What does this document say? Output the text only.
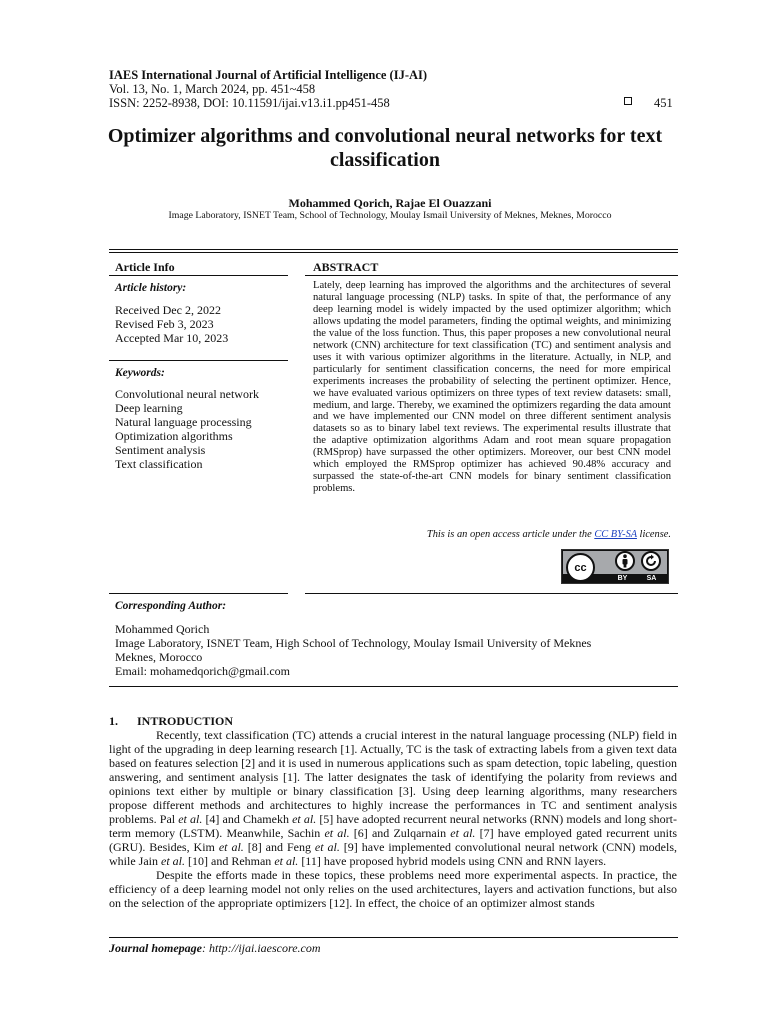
IAES International Journal of Artificial Intelligence (IJ-AI)
Vol. 13, No. 1, March 2024, pp. 451~458
ISSN: 2252-8938, DOI: 10.11591/ijai.v13.i1.pp451-458	451
Optimizer algorithms and convolutional neural networks for text classification
Mohammed Qorich, Rajae El Ouazzani
Image Laboratory, ISNET Team, School of Technology, Moulay Ismail University of Meknes, Meknes, Morocco
Article Info
Article history:
Received Dec 2, 2022
Revised Feb 3, 2023
Accepted Mar 10, 2023
Keywords:
Convolutional neural network
Deep learning
Natural language processing
Optimization algorithms
Sentiment analysis
Text classification
ABSTRACT
Lately, deep learning has improved the algorithms and the architectures of several natural language processing (NLP) tasks. In spite of that, the performance of any deep learning model is widely impacted by the used optimizer algorithm; which allows updating the model parameters, finding the optimal weights, and minimizing the value of the loss function. Thus, this paper proposes a new convolutional neural network (CNN) architecture for text classification (TC) and sentiment analysis and uses it with various optimizer algorithms in the literature. Actually, in NLP, and particularly for sentiment classification concerns, the need for more empirical experiments increases the probability of selecting the pertinent optimizer. Hence, we have evaluated various optimizers on three types of text review datasets: small, medium, and large. Thereby, we examined the optimizers regarding the data amount and we have implemented our CNN model on three different sentiment analysis datasets so as to binary label text reviews. The experimental results illustrate that the adaptive optimization algorithms Adam and root mean square propagation (RMSprop) have surpassed the other optimizers. Moreover, our best CNN model which employed the RMSprop optimizer has achieved 90.48% accuracy and surpassed the state-of-the-art CNN models for binary sentiment classification problems.
This is an open access article under the CC BY-SA license.
cc
BY	SA
Corresponding Author:
Mohammed Qorich
Image Laboratory, ISNET Team, High School of Technology, Moulay Ismail University of Meknes
Meknes, Morocco
Email: mohamedqorich@gmail.com
1. INTRODUCTION

Recently, text classification (TC) attends a crucial interest in the natural language processing (NLP) field in light of the upgrading in deep learning research [1]. Actually, TC is the task of extracting labels from a given text data based on features selection [2] and it is used in numerous applications such as spam detection, topic labeling, question answering, and sentiment analysis [1]. The latter designates the task of identifying the polarity from reviews and opinions text either by multiple or binary classification [3]. Using deep learning algorithms, many researchers propose different methods and architectures to highly increase the performances in TC and sentiment analysis problems. Pal et al. [4] and Chamekh et al. [5] have adopted recurrent neural networks (RNN) models and long short-term memory (LSTM). Meanwhile, Sachin et al. [6] and Zulqarnain et al. [7] have employed gated recurrent units (GRU). Besides, Kim et al. [8] and Feng et al. [9] have implemented convolutional neural network (CNN) models, while Jain et al. [10] and Rehman et al. [11] have proposed hybrid models using CNN and RNN layers.

Despite the efforts made in these topics, these problems need more experimental aspects. In practice, the efficiency of a deep learning model not only relies on the used architectures, layers and activation functions, but also on the selection of the appropriate optimizers [12]. In effect, the choice of an optimizer almost stands

Journal homepage: http://ijai.iaescore.com
